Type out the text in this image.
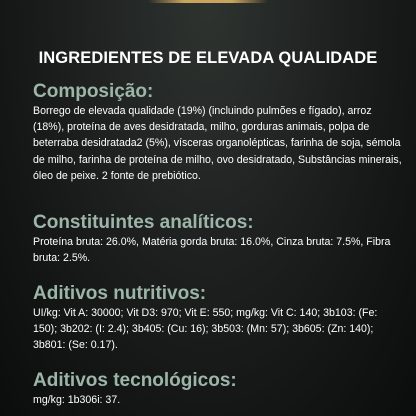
INGREDIENTES DE ELEVADA QUALIDADE
Composição:

Borrego de elevada qualidade (19%) (incluindo pulmões e fígado), arroz (18%), proteína de aves desidratada, milho, gorduras animais, polpa de beterraba desidratada2 (5%), vísceras organolépticas, farinha de soja, sémola de milho, farinha de proteína de milho, ovo desidratado, Substâncias minerais, óleo de peixe. 2 fonte de prebiótico.

Constituintes analíticos:

Proteína bruta: 26.0%, Matéria gorda bruta: 16.0%, Cinza bruta: 7.5%, Fibra bruta: 2.5%.

Aditivos nutritivos:

UI/kg: Vit A: 30000; Vit D3: 970; Vit E: 550; mg/kg: Vit C: 140; 3b103: (Fe: 150); 3b202: (I: 2.4); 3b405: (Cu: 16); 3b503: (Mn: 57); 3b605: (Zn: 140); 3b801: (Se: 0.17).

Aditivos tecnológicos:

mg/kg: 1b306i: 37.
